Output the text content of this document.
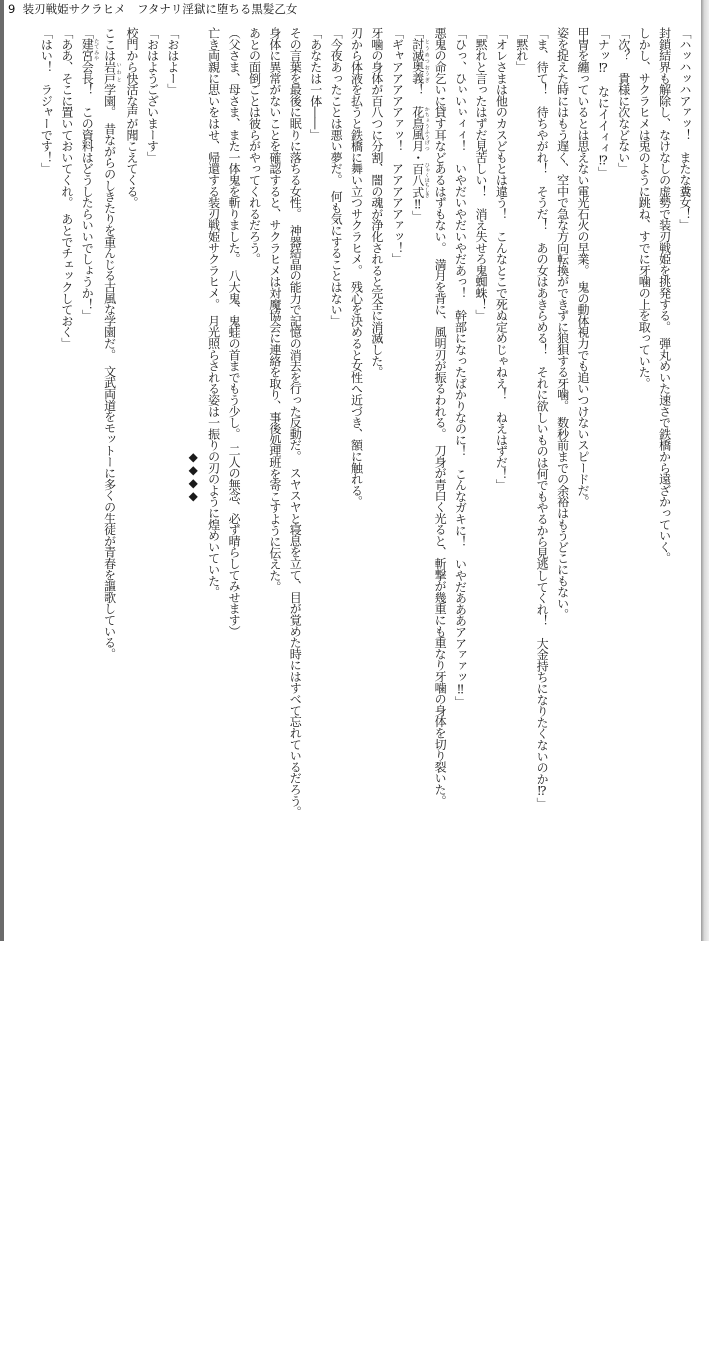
9 装刃戦姫サクラヒメ　フタナリ淫獄に堕ちる黒髪乙女

「ハッハッハアァッ！　またな糞女！」

封鎖結界も解除し、なけなしの虚勢で装刃戦姫を挑発する。　弾丸めいた速さで鉄橋から遠ざかっていく。

しかし、サクラヒメは兎のように跳ね、すでに牙噛の上を取っていた。

「次？　貴様に次などない」

「ナッ⁉　なにイイィィ⁉」

甲冑を纏っているとは思えない電光石火の早業。　鬼の動体視力でも追いつけないスピードだ。

姿を捉えた時にはもう遅く、空中で急な方向転換ができずに狼狽する牙噛。　数秒前までの余裕はもうどこにもない。

「ま、待て！　待ちやがれ！　そうだ！　あの女はあきらめる！　それに欲しいものは何でもやるから見逃してくれ！　大金持ちになりたくないのか⁉」

「黙れ」

「オレさまは他のカスどもとは違う！　こんなとこで死ぬ定めじゃねえ！　ねえはずだ！」

「黙れと言ったはずだ見苦しい！　消え失せろ鬼蜘蛛！」

「ひっ、ひぃいぃィィ！　いやだいやだいやだあっ！　幹部になったばかりなのに！　こんなガキに！　いやだあああアアァァッ‼」

悪鬼の命乞いに貸す耳などあるはずもない。　満月を背に、風明刃が振るわれる。　刀身が青白く光ると、斬撃が幾重にも重なり牙噛の身体を切り裂いた。

「討滅奥義 とうめつおうぎ！　花鳥風月 かちょうふうげつ・百八式 ひゃくはちしき‼」

「ギャアアアアアァッ！　アアアアアァッ！」

牙噛の身体が百八つに分割、闇の魂が浄化されると完全に消滅した。

刃から体液を払うと鉄橋に舞い立つサクラヒメ。　残心を決めると女性へ近づき、額に触れる。

「今夜あったことは悪い夢だ。　何も気にすることはない」

「あなたは一体――」

その言葉を最後に眠りに落ちる女性。　神器結晶の能力で記憶の消去を行った反動だ。　スヤスヤと寝息を立て、目が覚めた時にはすべて忘れているだろう。

身体に異常がないことを確認すると、サクラヒメは対魔協会に連絡を取り、事後処理班を寄こすように伝えた。

あとの面倒ごとは彼らがやってくれるだろう。

（父さま、母さま、また一体鬼を斬りました。　八大鬼、鬼蛙の首までもう少し。　二人の無念、必ず晴らしてみせます）

亡き両親に思いをはせ、帰還する装刃戦姫サクラヒメ。　月光照らされる姿は一振りの刃のように煌めいていた。

◆◆◆◆

「おはよー」

「おはようございまーす」

校門から快活な声が聞こえてくる。

ここは岩戸 いわと学園。　昔ながらのしきたりを重んじる古風な学園だ。　文武両道をモットーに多くの生徒が青春を謳歌している。

「建宮 たてみや会長！　この資料はどうしたらいいでしょうか！」

「ああ、そこに置いておいてくれ。　あとでチェックしておく」

「はい！　ラジャーです！」
